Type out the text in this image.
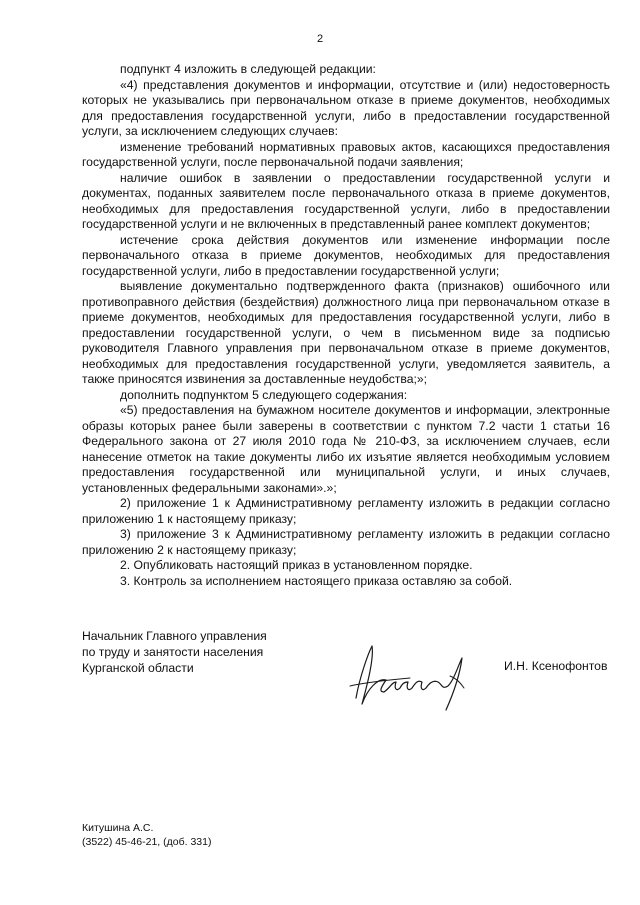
2

подпункт 4 изложить в следующей редакции:

«4) представления документов и информации, отсутствие и (или) недостоверность которых не указывались при первоначальном отказе в приеме документов, необходимых для предоставления государственной услуги, либо в предоставлении государственной услуги, за исключением следующих случаев:

изменение требований нормативных правовых актов, касающихся предоставления государственной услуги, после первоначальной подачи заявления;

наличие ошибок в заявлении о предоставлении государственной услуги и документах, поданных заявителем после первоначального отказа в приеме документов, необходимых для предоставления государственной услуги, либо в предоставлении государственной услуги и не включенных в представленный ранее комплект документов;

истечение срока действия документов или изменение информации после первоначального отказа в приеме документов, необходимых для предоставления государственной услуги, либо в предоставлении государственной услуги;

выявление документально подтвержденного факта (признаков) ошибочного или противоправного действия (бездействия) должностного лица при первоначальном отказе в приеме документов, необходимых для предоставления государственной услуги, либо в предоставлении государственной услуги, о чем в письменном виде за подписью руководителя Главного управления при первоначальном отказе в приеме документов, необходимых для предоставления государственной услуги, уведомляется заявитель, а также приносятся извинения за доставленные неудобства;»;

дополнить подпунктом 5 следующего содержания:

«5) предоставления на бумажном носителе документов и информации, электронные образы которых ранее были заверены в соответствии с пунктом 7.2 части 1 статьи 16 Федерального закона от 27 июля 2010 года № 210-ФЗ, за исключением случаев, если нанесение отметок на такие документы либо их изъятие является необходимым условием предоставления государственной или муниципальной услуги, и иных случаев, установленных федеральными законами».»;

2) приложение 1 к Административному регламенту изложить в редакции согласно приложению 1 к настоящему приказу;

3) приложение 3 к Административному регламенту изложить в редакции согласно приложению 2 к настоящему приказу;

2. Опубликовать настоящий приказ в установленном порядке.

3. Контроль за исполнением настоящего приказа оставляю за собой.

Начальник Главного управления
по труду и занятости населения
Курганской области	И.Н. Ксенофонтов
Китушина А.С.
(3522) 45-46-21, (доб. 331)
